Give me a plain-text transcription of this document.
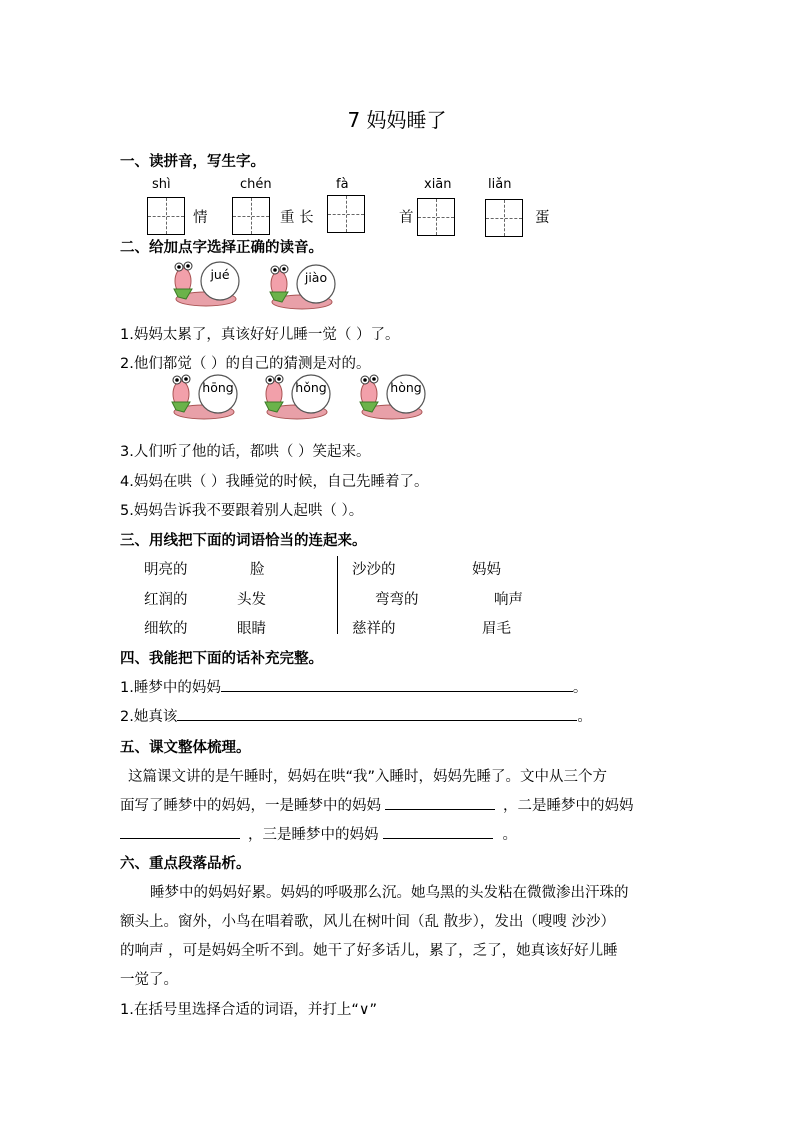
7 妈妈睡了
一、读拼音，写生字。
shì
情
chén
重 长
fà	xiān
首
liǎn
蛋
二、给加点字选择正确的读音。
jué	jiào
1.妈妈太累了，真该好好儿睡一觉（ ）了。
2.他们都觉（ ）的自己的猜测是对的。
hōng	hǒng	hòng
3.人们听了他的话，都哄（ ）笑起来。
4.妈妈在哄（ ）我睡觉的时候，自己先睡着了。
5.妈妈告诉我不要跟着别人起哄（ ）。
三、用线把下面的词语恰当的连起来。
明亮的	脸
红润的	头发
细软的	眼睛
沙沙的	妈妈
弯弯的	响声
慈祥的	眉毛
四、我能把下面的话补充完整。
1.睡梦中的妈妈	。
2.她真该	。
五、课文整体梳理。
这篇课文讲的是午睡时，妈妈在哄“我”入睡时，妈妈先睡了。文中从三个方
面写了睡梦中的妈妈，一是睡梦中的妈妈	，二是睡梦中的妈妈
，三是睡梦中的妈妈	。
六、重点段落品析。
睡梦中的妈妈好累。妈妈的呼吸那么沉。她乌黑的头发粘在微微渗出汗珠的
额头上。窗外，小鸟在唱着歌，风儿在树叶间（乱 散步），发出（嗖嗖 沙沙）
的响声 ，可是妈妈全听不到。她干了好多话儿，累了，乏了，她真该好好儿睡
一觉了。
1.在括号里选择合适的词语，并打上“∨”
